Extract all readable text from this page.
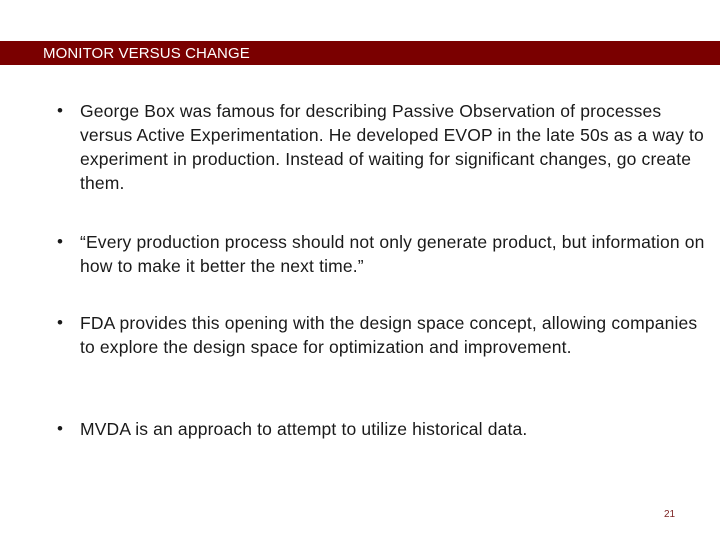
MONITOR VERSUS CHANGE
• George Box was famous for describing Passive Observation of processes versus Active Experimentation. He developed EVOP in the late 50s as a way to experiment in production. Instead of waiting for significant changes, go create them.
• “Every production process should not only generate product, but information on how to make it better the next time.”
• FDA provides this opening with the design space concept, allowing companies to explore the design space for optimization and improvement.
• MVDA is an approach to attempt to utilize historical data.
21
